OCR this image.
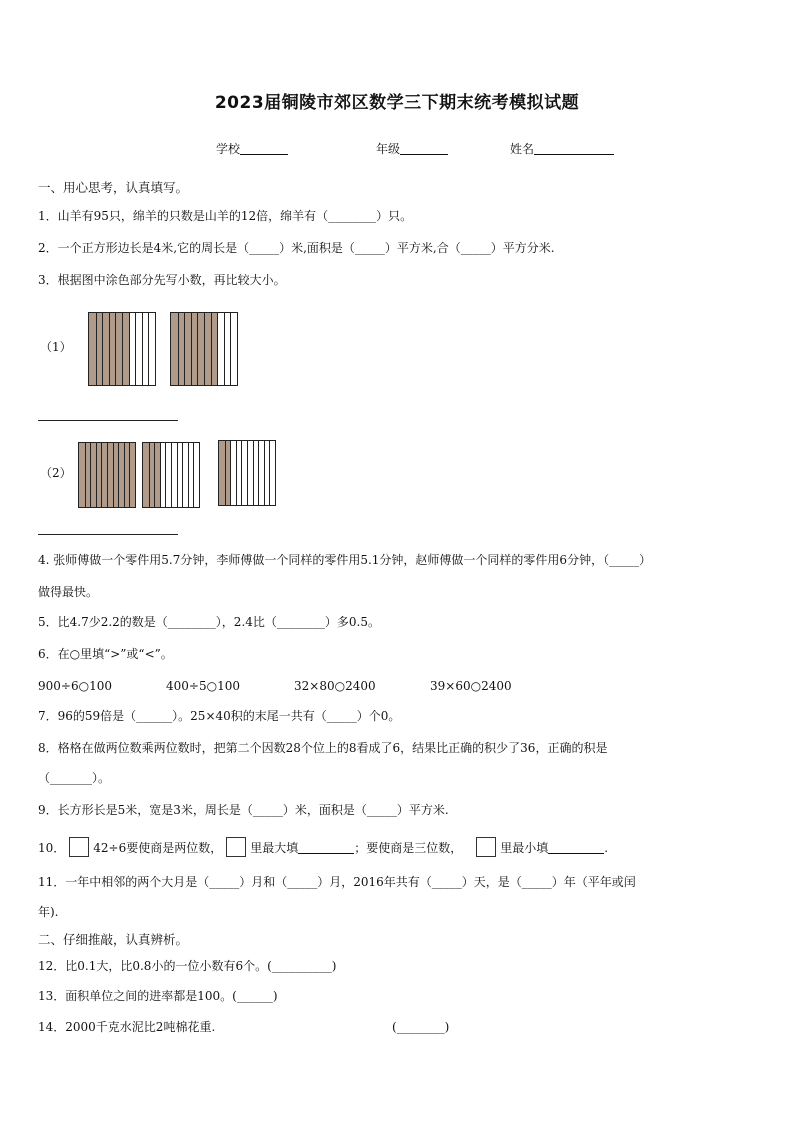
2023届铜陵市郊区数学三下期末统考模拟试题
学校	年级	姓名
一、用心思考，认真填写。
1．山羊有95只，绵羊的只数是山羊的12倍，绵羊有（________）只。
2．一个正方形边长是4米,它的周长是（_____）米,面积是（_____）平方米,合（_____）平方分米.
3．根据图中涂色部分先写小数，再比较大小。
（1）
（2）
4. 张师傅做一个零件用5.7分钟，李师傅做一个同样的零件用5.1分钟，赵师傅做一个同样的零件用6分钟，（_____）
做得最快。
5．比4.7少2.2的数是（________），2.4比（________）多0.5。
6．在○里填“>”或“<”。
900÷6○100	400÷5○100	32×80○2400	39×60○2400
7．96的59倍是（______）。25×40积的末尾一共有（_____）个0。
8．格格在做两位数乘两位数时，把第二个因数28个位上的8看成了6，结果比正确的积少了36，正确的积是
（_______）。
9．长方形长是5米，宽是3米，周长是（_____）米，面积是（_____）平方米.
10． 42÷6要使商是两位数， 里最大填	；要使商是三位数，	里最小填	.
11．一年中相邻的两个大月是（_____）月和（_____）月，2016年共有（_____）天，是（_____）年（平年或闰
年).
二、仔细推敲，认真辨析。
12．比0.1大，比0.8小的一位小数有6个。(__________)
13．面积单位之间的进率都是100。(______)
14．2000千克水泥比2吨棉花重.	(________)
